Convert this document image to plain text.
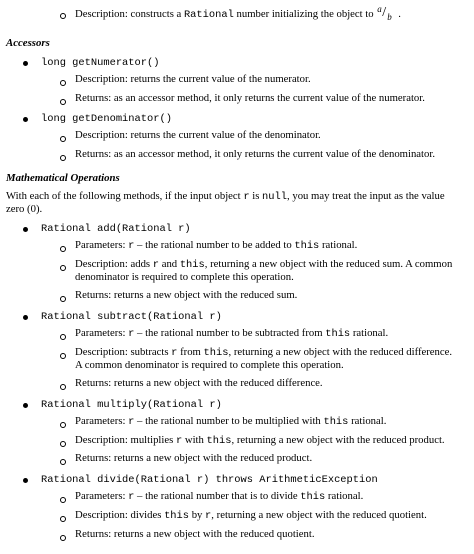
Description: constructs a Rational number initializing the object to a / b .
Accessors
long getNumerator()
Description: returns the current value of the numerator.
Returns: as an accessor method, it only returns the current value of the numerator.
long getDenominator()
Description: returns the current value of the denominator.
Returns: as an accessor method, it only returns the current value of the denominator.
Mathematical Operations
With each of the following methods, if the input object r is null, you may treat the input as the value
zero (0).
Rational add(Rational r)
Parameters: r – the rational number to be added to this rational.
Description: adds r and this, returning a new object with the reduced sum. A common
denominator is required to complete this operation.
Returns: returns a new object with the reduced sum.
Rational subtract(Rational r)
Parameters: r – the rational number to be subtracted from this rational.
Description: subtracts r from this, returning a new object with the reduced difference.
A common denominator is required to complete this operation.
Returns: returns a new object with the reduced difference.
Rational multiply(Rational r)
Parameters: r – the rational number to be multiplied with this rational.
Description: multiplies r with this, returning a new object with the reduced product.
Returns: returns a new object with the reduced product.
Rational divide(Rational r) throws ArithmeticException
Parameters: r – the rational number that is to divide this rational.
Description: divides this by r, returning a new object with the reduced quotient.
Returns: returns a new object with the reduced quotient.
